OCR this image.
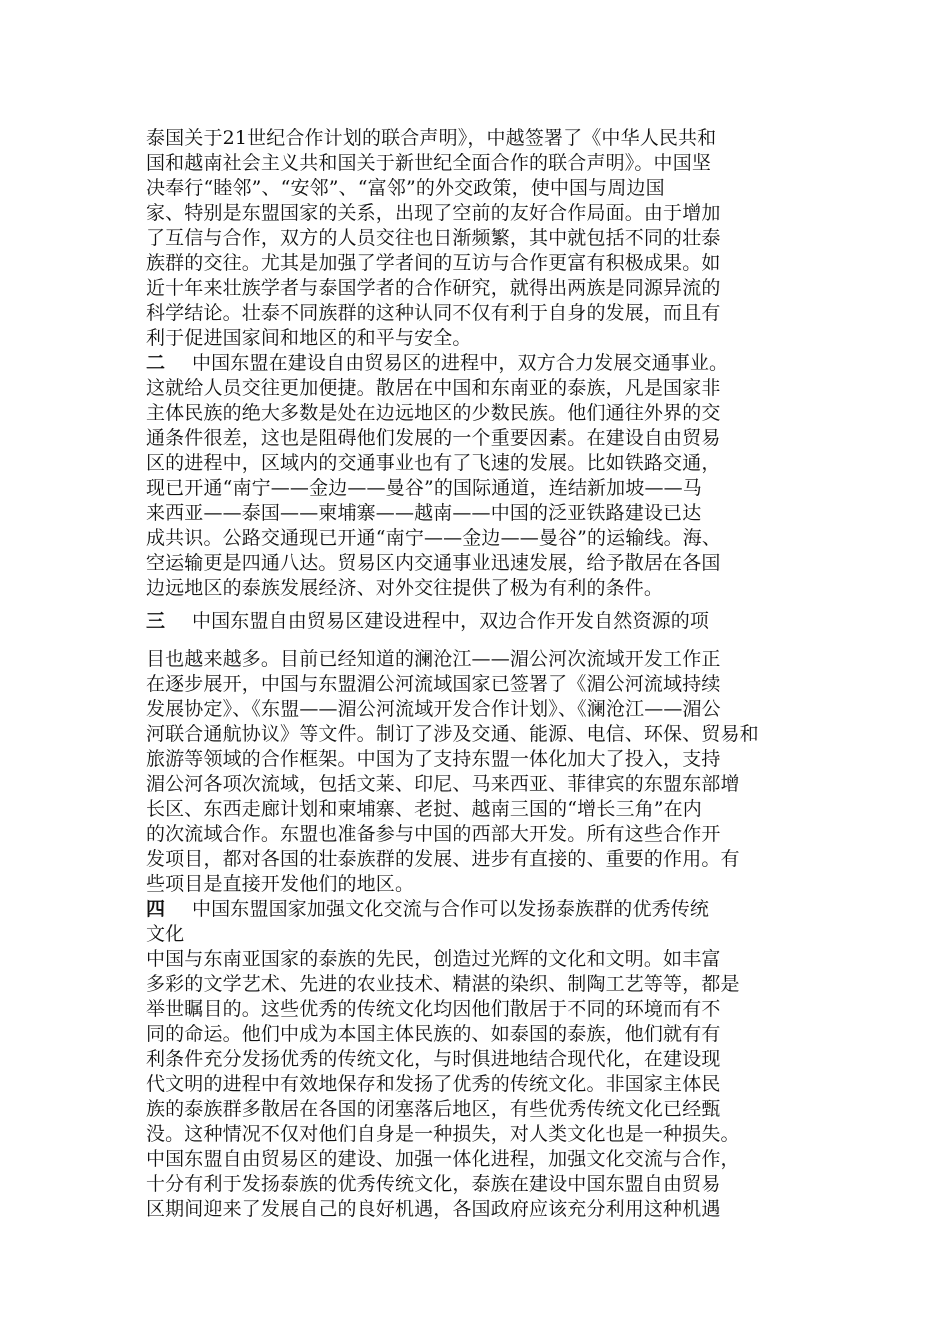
泰国关于21世纪合作计划的联合声明》，中越签署了《中华人民共和
国和越南社会主义共和国关于新世纪全面合作的联合声明》。中国坚
决奉行“睦邻”、“安邻”、“富邻”的外交政策，使中国与周边国
家、特别是东盟国家的关系，出现了空前的友好合作局面。由于增加
了互信与合作，双方的人员交往也日渐频繁，其中就包括不同的壮泰
族群的交往。尤其是加强了学者间的互访与合作更富有积极成果。如
近十年来壮族学者与泰国学者的合作研究，就得出两族是同源异流的
科学结论。壮泰不同族群的这种认同不仅有利于自身的发展，而且有
利于促进国家间和地区的和平与安全。
二 中国东盟在建设自由贸易区的进程中，双方合力发展交通事业。
这就给人员交往更加便捷。散居在中国和东南亚的泰族，凡是国家非
主体民族的绝大多数是处在边远地区的少数民族。他们通往外界的交
通条件很差，这也是阻碍他们发展的一个重要因素。在建设自由贸易
区的进程中，区域内的交通事业也有了飞速的发展。比如铁路交通，
现已开通“南宁——金边——曼谷”的国际通道，连结新加坡——马
来西亚——泰国——柬埔寨——越南——中国的泛亚铁路建设已达
成共识。公路交通现已开通“南宁——金边——曼谷”的运输线。海、
空运输更是四通八达。贸易区内交通事业迅速发展，给予散居在各国
边远地区的泰族发展经济、对外交往提供了极为有利的条件。
三 中国东盟自由贸易区建设进程中，双边合作开发自然资源的项
目也越来越多。目前已经知道的澜沧江——湄公河次流域开发工作正
在逐步展开，中国与东盟湄公河流域国家已签署了《湄公河流域持续
发展协定》、《东盟——湄公河流域开发合作计划》、《澜沧江——湄公
河联合通航协议》等文件。制订了涉及交通、能源、电信、环保、贸易和
旅游等领域的合作框架。中国为了支持东盟一体化加大了投入，支持
湄公河各项次流域，包括文莱、印尼、马来西亚、菲律宾的东盟东部增
长区、东西走廊计划和柬埔寨、老挝、越南三国的“增长三角”在内
的次流域合作。东盟也准备参与中国的西部大开发。所有这些合作开
发项目，都对各国的壮泰族群的发展、进步有直接的、重要的作用。有
些项目是直接开发他们的地区。
四 中国东盟国家加强文化交流与合作可以发扬泰族群的优秀传统
文化
中国与东南亚国家的泰族的先民，创造过光辉的文化和文明。如丰富
多彩的文学艺术、先进的农业技术、精湛的染织、制陶工艺等等，都是
举世瞩目的。这些优秀的传统文化均因他们散居于不同的环境而有不
同的命运。他们中成为本国主体民族的、如泰国的泰族，他们就有有
利条件充分发扬优秀的传统文化，与时俱进地结合现代化，在建设现
代文明的进程中有效地保存和发扬了优秀的传统文化。非国家主体民
族的泰族群多散居在各国的闭塞落后地区，有些优秀传统文化已经甄
没。这种情况不仅对他们自身是一种损失，对人类文化也是一种损失。
中国东盟自由贸易区的建设、加强一体化进程，加强文化交流与合作，
十分有利于发扬泰族的优秀传统文化，泰族在建设中国东盟自由贸易
区期间迎来了发展自己的良好机遇，各国政府应该充分利用这种机遇
